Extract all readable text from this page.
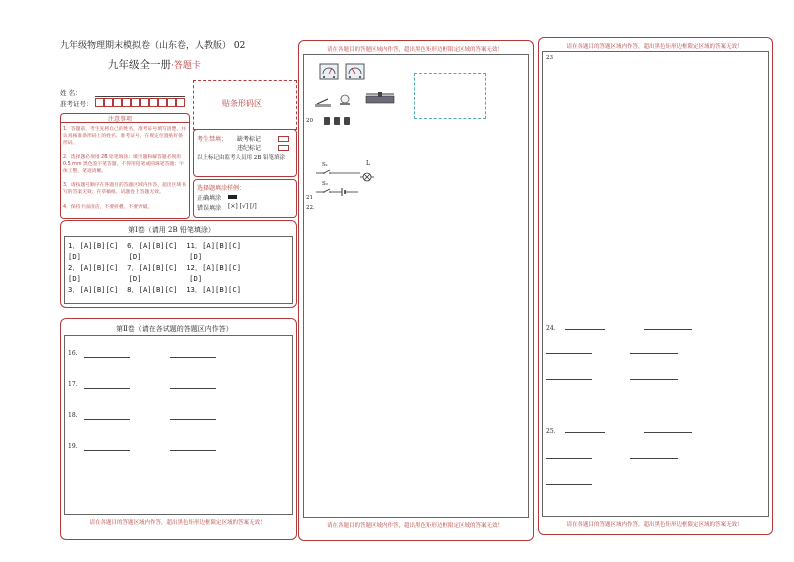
九年级物理期末模拟卷（山东卷，人教版） 02
九年级全一册·答题卡
姓 名：
准考证号：	贴条形码区
注意事项
1．答题前，考生先将自己的姓名，准考证号填写清楚，并认真核准条形码上的姓名、准考证号，在规定位置贴好条形码。
2．选择题必须用 2B 铅笔填涂；填空题和解答题必须用 0.5 mm 黑色签字笔答题，不得用铅笔或圆珠笔答题；字体工整、笔迹清晰。
3．请按题号顺序在各题目的答题区域内作答，超出区域书写的答案无效；在草稿纸、试题卷上答题无效。
4．保持卡面清洁，不要折叠、不要弄破。
考生禁填： 缺考标记
违纪标记
以上标记由监考人员用 2B 铅笔填涂
选择题填涂样例：
正确填涂
错误填涂 [×] [√] [/]
第Ⅰ卷（请用 2B 铅笔填涂）
1．[A][B][C]  6．[A][B][C]  11．[A][B][C]
[D]           [D]           [D]
2．[A][B][C]  7．[A][B][C]  12．[A][B][C]
[D]           [D]           [D]
3．[A][B][C]  8．[A][B][C]  13．[A][B][C]
第Ⅱ卷（请在各试题的答题区内作答）
16.
17.
18.
19.
请在各题目的答题区域内作答，超出黑色矩形边框限定区域的答案无效！
请在各题目的答题区域内作答，超出黑色矩形边框限定区域的答案无效！
请在各题目的答题区域内作答，超出黑色矩形边框限定区域的答案无效！
20
S₁	L
S₂
21
22.
请在各题目的答题区域内作答，超出黑色矩形边框限定区域的答案无效！
请在各题目的答题区域内作答，超出黑色矩形边框限定区域的答案无效！
23
24．
25．
